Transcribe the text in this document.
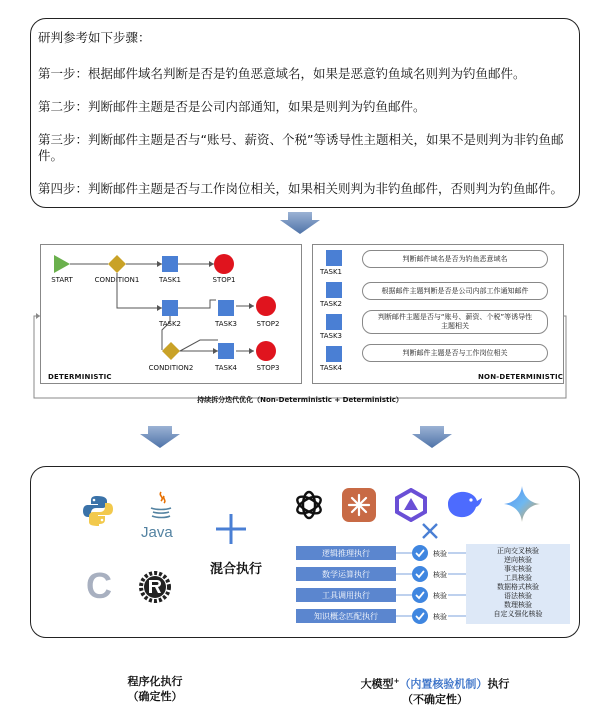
研判参考如下步骤：
第一步：根据邮件域名判断是否是钓鱼恶意域名，如果是恶意钓鱼域名则判为钓鱼邮件。
第二步：判断邮件主题是否是公司内部通知，如果是则判为钓鱼邮件。
第三步：判断邮件主题是否与“账号、薪资、个税”等诱导性主题相关，如果不是则判为非钓鱼邮件。
第四步：判断邮件主题是否与工作岗位相关，如果相关则判为非钓鱼邮件，否则判为钓鱼邮件。
START	CONDITION1	TASK1	STOP1
TASK2	TASK3	STOP2
CONDITION2	TASK4	STOP3
DETERMINISTIC
TASK1
判断邮件域名是否为钓鱼恶意域名
TASK2
根据邮件主题判断是否是公司内部工作通知邮件
TASK3
判断邮件主题是否与“账号、薪资、个税”等诱导性主题相关
TASK4
判断邮件主题是否与工作岗位相关
NON-DETERMINISTIC
持续拆分迭代优化（Non-Deterministic + Deterministic）
Java
C	混合执行
逻辑推理执行
数学运算执行
工具调用执行
知识概念匹配执行
核验
核验
核验
核验
正向交叉核验
逆向核验
事实核验
工具核验
数据格式核验
语法核验
数理核验
自定义强化核验
程序化执行
（确定性）
大模型+（内置核验机制）执行
（不确定性）
